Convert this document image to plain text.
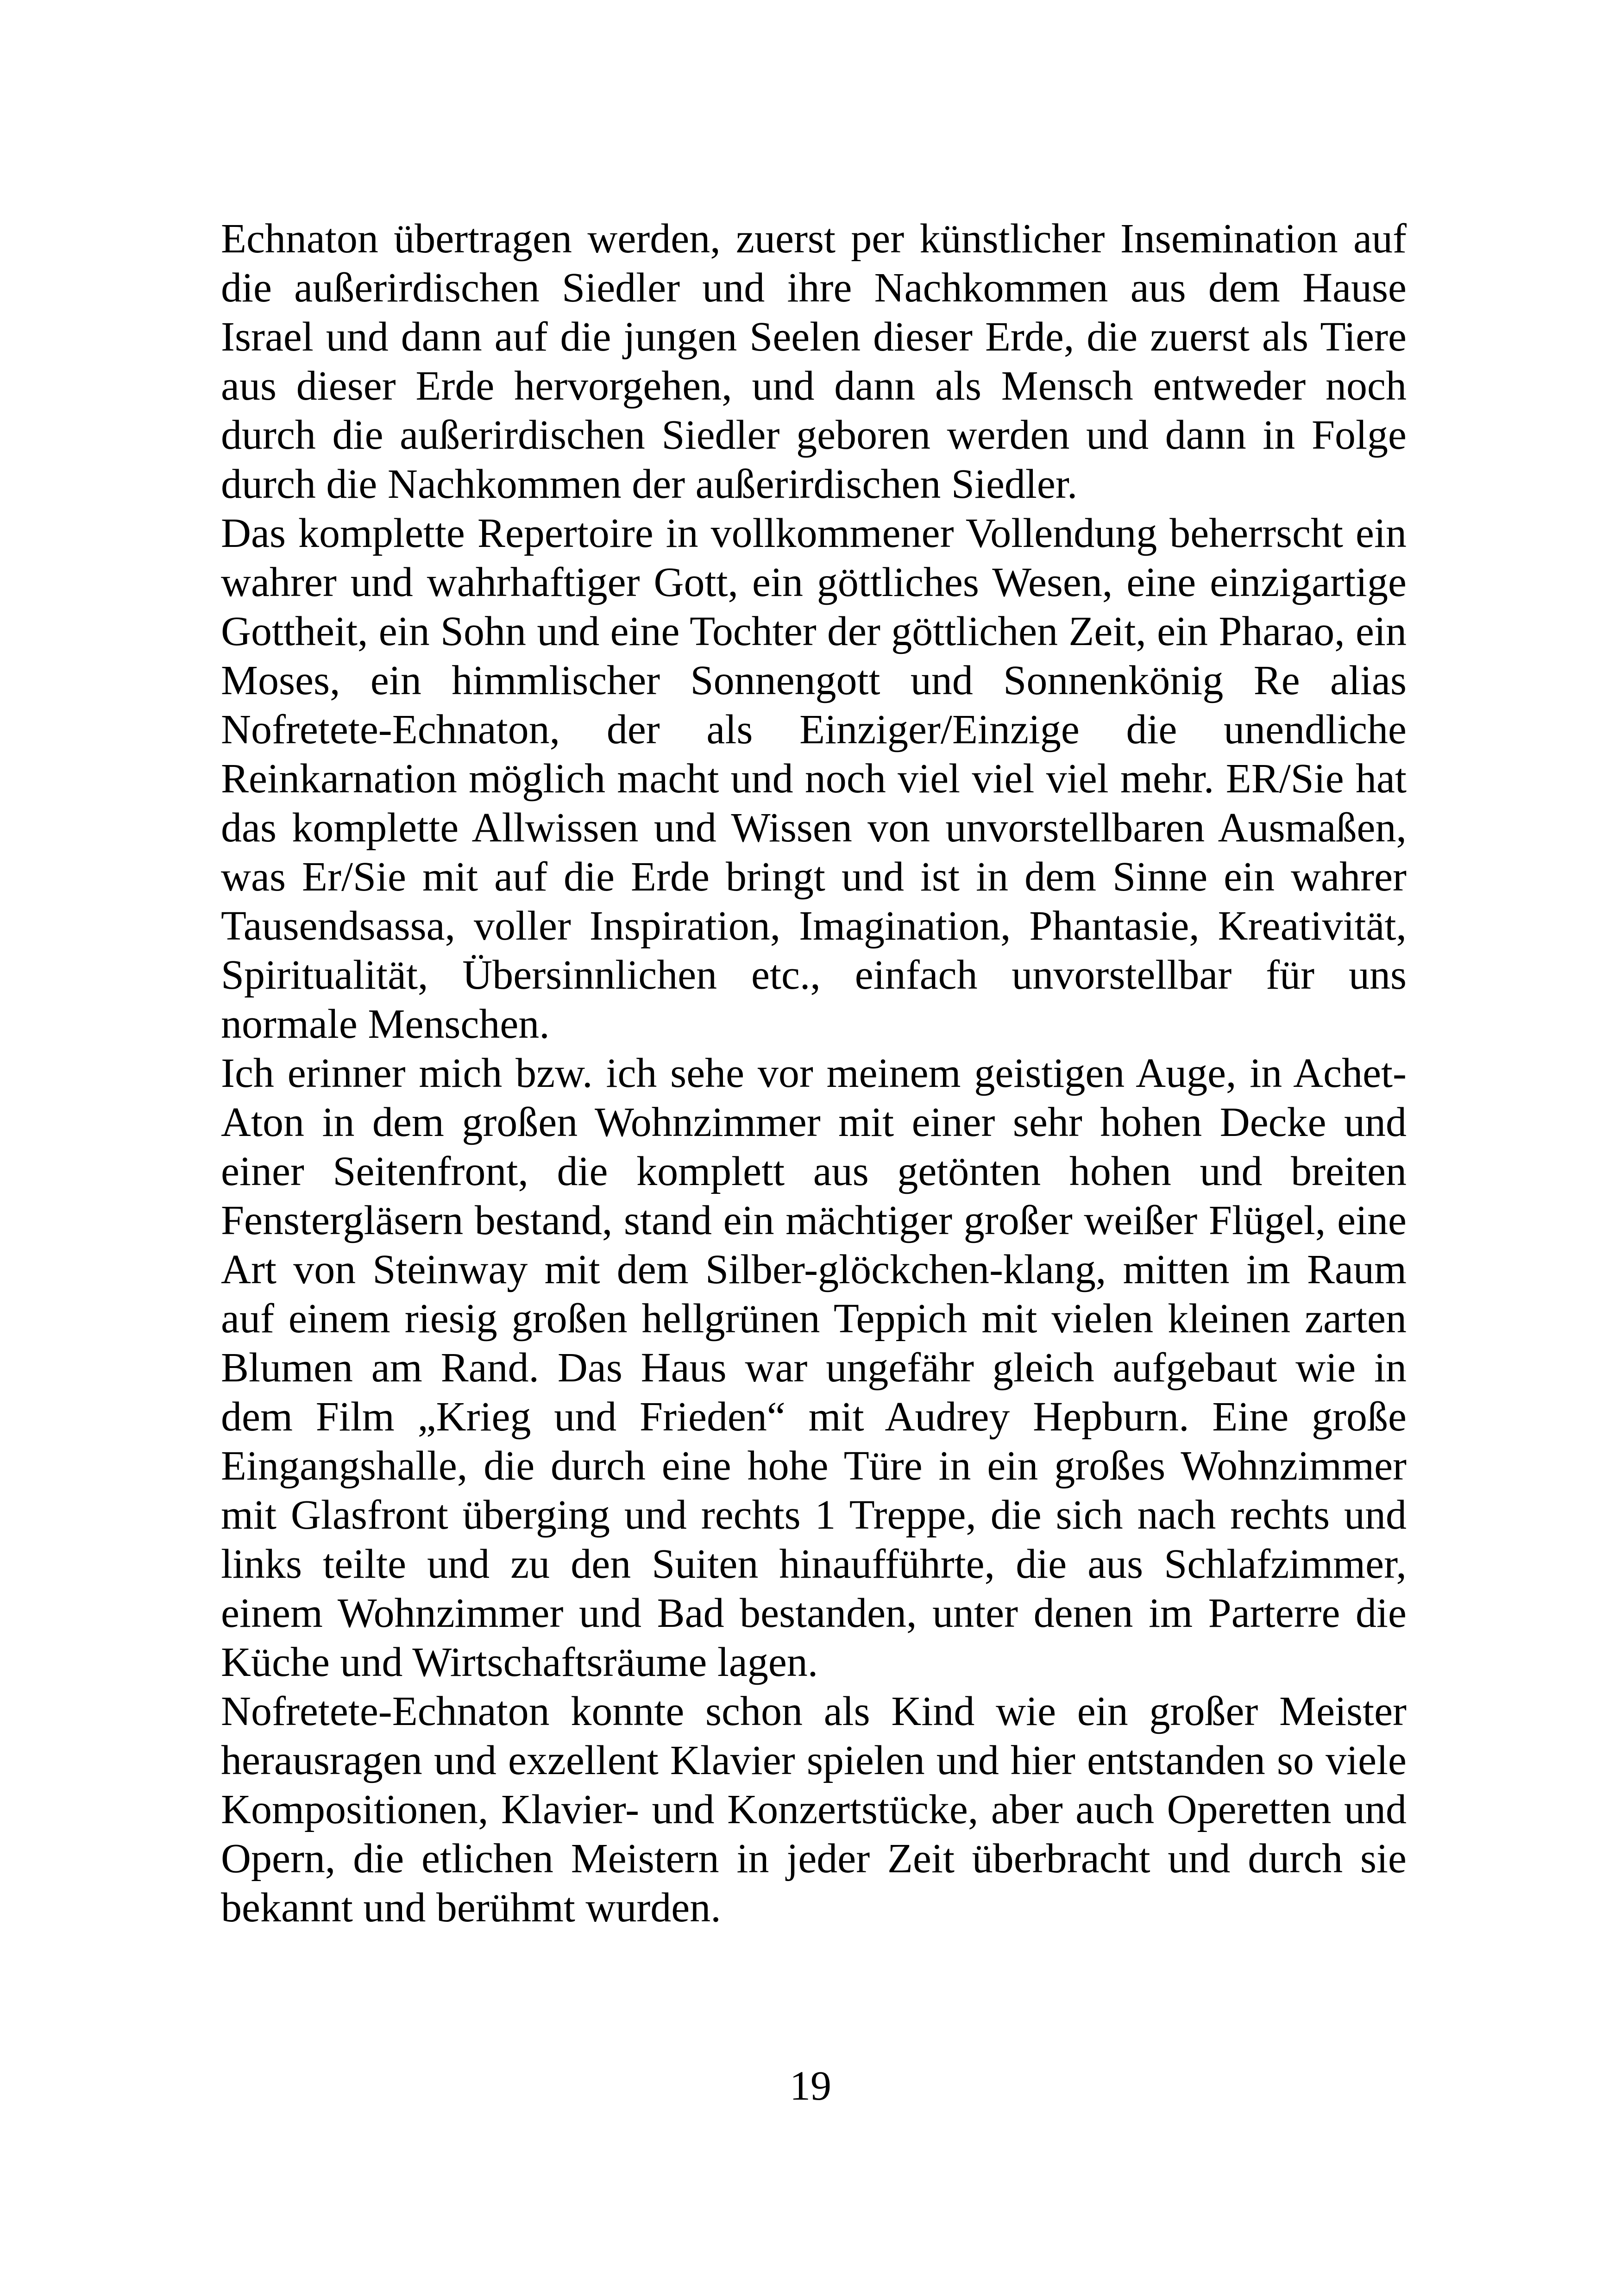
Echnaton übertragen werden, zuerst per künstlicher Insemination auf die außerirdischen Siedler und ihre Nachkommen aus dem Hause Israel und dann auf die jungen Seelen dieser Erde, die zuerst als Tiere aus dieser Erde hervorgehen, und dann als Mensch entweder noch durch die außerirdischen Siedler geboren werden und dann in Folge durch die Nachkommen der außerirdischen Siedler.

Das komplette Repertoire in vollkommener Vollendung beherrscht ein wahrer und wahrhaftiger Gott, ein göttliches Wesen, eine einzigartige Gottheit, ein Sohn und eine Tochter der göttlichen Zeit, ein Pharao, ein Moses, ein himmlischer Sonnengott und Sonnenkönig Re alias Nofretete-Echnaton, der als Einziger/Einzige die unendliche Reinkarnation möglich macht und noch viel viel viel mehr. ER/Sie hat das komplette Allwissen und Wissen von unvorstellbaren Ausmaßen, was Er/Sie mit auf die Erde bringt und ist in dem Sinne ein wahrer Tausendsassa, voller Inspiration, Imagination, Phantasie, Kreativität, Spiritualität, Übersinnlichen etc., einfach unvorstellbar für uns normale Menschen.

Ich erinner mich bzw. ich sehe vor meinem geistigen Auge, in Achet-Aton in dem großen Wohnzimmer mit einer sehr hohen Decke und einer Seitenfront, die komplett aus getönten hohen und breiten Fenstergläsern bestand, stand ein mächtiger großer weißer Flügel, eine Art von Steinway mit dem Silber-glöckchen-klang, mitten im Raum auf einem riesig großen hellgrünen Teppich mit vielen kleinen zarten Blumen am Rand. Das Haus war ungefähr gleich aufgebaut wie in dem Film „Krieg und Frieden“ mit Audrey Hepburn. Eine große Eingangshalle, die durch eine hohe Türe in ein großes Wohnzimmer mit Glasfront überging und rechts 1 Treppe, die sich nach rechts und links teilte und zu den Suiten hinaufführte, die aus Schlafzimmer, einem Wohnzimmer und Bad bestanden, unter denen im Parterre die Küche und Wirtschaftsräume lagen.

Nofretete-Echnaton konnte schon als Kind wie ein großer Meister herausragen und exzellent Klavier spielen und hier entstanden so viele Kompositionen, Klavier- und Konzertstücke, aber auch Operetten und Opern, die etlichen Meistern in jeder Zeit überbracht und durch sie bekannt und berühmt wurden.

19
